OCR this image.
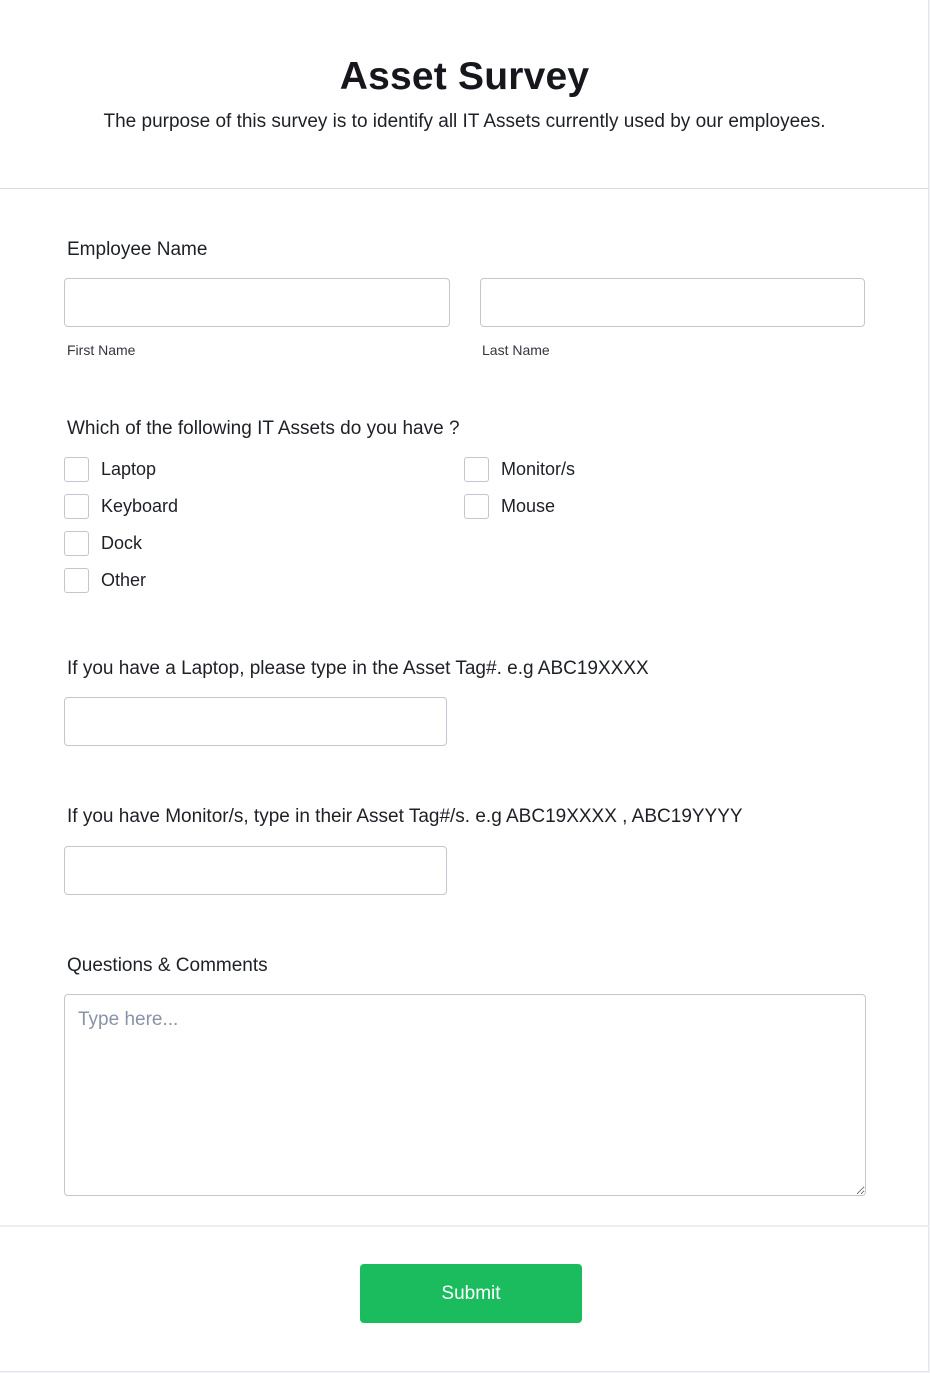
Asset Survey
The purpose of this survey is to identify all IT Assets currently used by our employees.
Employee Name
First Name	Last Name
Which of the following IT Assets do you have ?
Laptop
Keyboard
Dock
Other
Monitor/s
Mouse
If you have a Laptop, please type in the Asset Tag#. e.g ABC19XXXX
If you have Monitor/s, type in their Asset Tag#/s. e.g ABC19XXXX , ABC19YYYY
Questions & Comments
Type here...
Submit
